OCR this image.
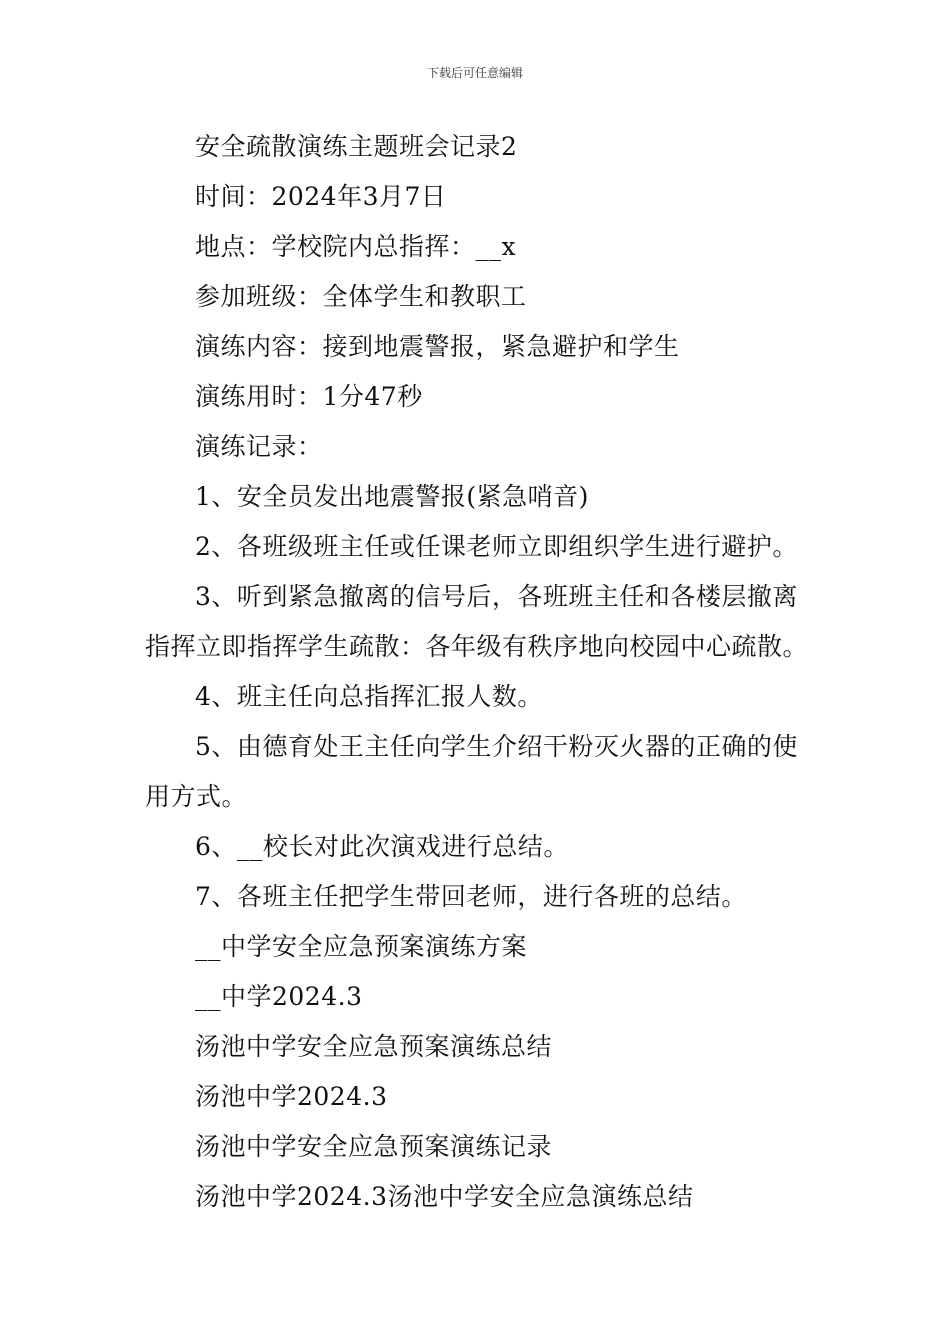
下载后可任意编辑

安全疏散演练主题班会记录2

时间：2024年3月7日

地点：学校院内总指挥：__x

参加班级：全体学生和教职工

演练内容：接到地震警报，紧急避护和学生

演练用时：1分47秒

演练记录：

1、安全员发出地震警报(紧急哨音)

2、各班级班主任或任课老师立即组织学生进行避护。

3、听到紧急撤离的信号后，各班班主任和各楼层撤离指挥立即指挥学生疏散：各年级有秩序地向校园中心疏散。

4、班主任向总指挥汇报人数。

5、由德育处王主任向学生介绍干粉灭火器的正确的使用方式。

6、__校长对此次演戏进行总结。

7、各班主任把学生带回老师，进行各班的总结。

__中学安全应急预案演练方案

__中学2024.3

汤池中学安全应急预案演练总结

汤池中学2024.3

汤池中学安全应急预案演练记录

汤池中学2024.3汤池中学安全应急演练总结
